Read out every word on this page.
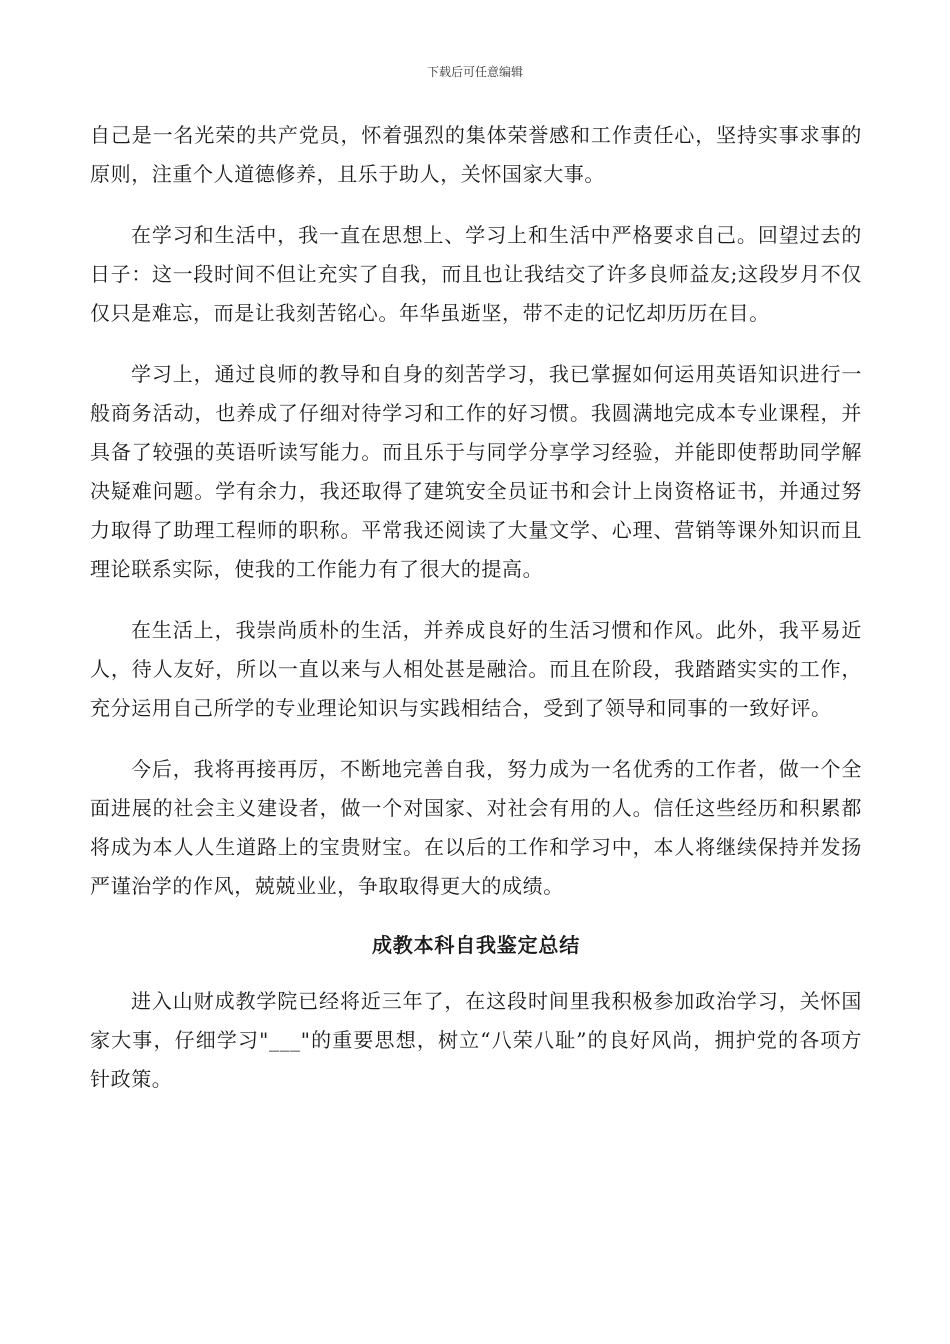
下载后可任意编辑

自己是一名光荣的共产党员，怀着强烈的集体荣誉感和工作责任心，坚持实事求事的原则，注重个人道德修养，且乐于助人，关怀国家大事。

在学习和生活中，我一直在思想上、学习上和生活中严格要求自己。回望过去的日子：这一段时间不但让充实了自我，而且也让我结交了许多良师益友;这段岁月不仅仅只是难忘，而是让我刻苦铭心。年华虽逝坚，带不走的记忆却历历在目。

学习上，通过良师的教导和自身的刻苦学习，我已掌握如何运用英语知识进行一般商务活动，也养成了仔细对待学习和工作的好习惯。我圆满地完成本专业课程，并具备了较强的英语听读写能力。而且乐于与同学分享学习经验，并能即使帮助同学解决疑难问题。学有余力，我还取得了建筑安全员证书和会计上岗资格证书，并通过努力取得了助理工程师的职称。平常我还阅读了大量文学、心理、营销等课外知识而且理论联系实际，使我的工作能力有了很大的提高。

在生活上，我崇尚质朴的生活，并养成良好的生活习惯和作风。此外，我平易近人，待人友好，所以一直以来与人相处甚是融洽。而且在阶段，我踏踏实实的工作，充分运用自己所学的专业理论知识与实践相结合，受到了领导和同事的一致好评。

今后，我将再接再厉，不断地完善自我，努力成为一名优秀的工作者，做一个全面进展的社会主义建设者，做一个对国家、对社会有用的人。信任这些经历和积累都将成为本人人生道路上的宝贵财宝。在以后的工作和学习中，本人将继续保持并发扬严谨治学的作风，兢兢业业，争取取得更大的成绩。

成教本科自我鉴定总结

进入山财成教学院已经将近三年了，在这段时间里我积极参加政治学习，关怀国家大事，仔细学习"___"的重要思想，树立“八荣八耻”的良好风尚，拥护党的各项方针政策。
